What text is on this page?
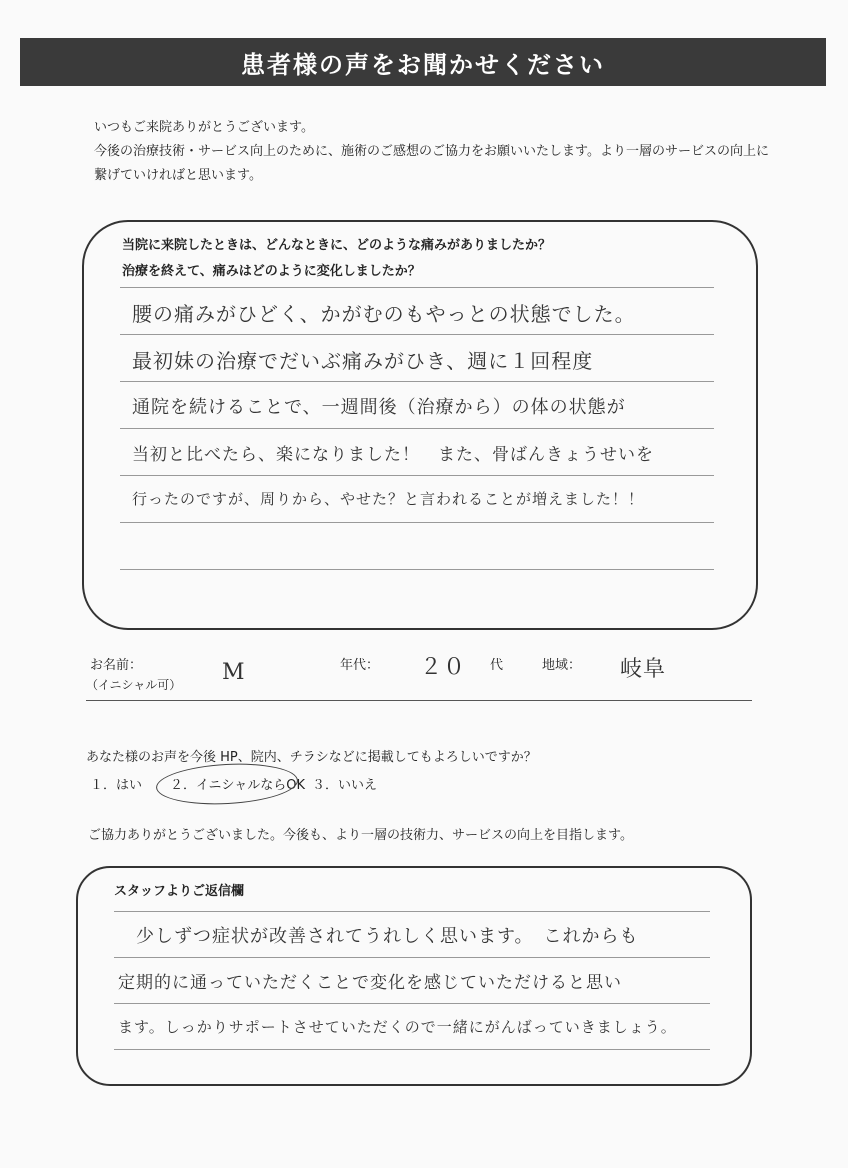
患者様の声をお聞かせください
いつもご来院ありがとうございます。
今後の治療技術・サービス向上のために、施術のご感想のご協力をお願いいたします。より一層のサービスの向上に
繋げていければと思います。
当院に来院したときは、どんなときに、どのような痛みがありましたか？
治療を終えて、痛みはどのように変化しましたか？
腰の痛みがひどく、かがむのもやっとの状態でした。
最初妹の治療でだいぶ痛みがひき、週に１回程度
通院を続けることで、一週間後（治療から）の体の状態が
当初と比べたら、楽になりました！　また、骨ばんきょうせいを
行ったのですが、周りから、やせた？と言われることが増えました！！
お名前：
（イニシャル可） M	年代： ２０ 代	地域： 岐阜
あなた様のお声を今後 HP、院内、チラシなどに掲載してもよろしいですか？
１．はい ２．イニシャルならOK ３．いいえ
ご協力ありがとうございました。今後も、より一層の技術力、サービスの向上を目指します。
スタッフよりご返信欄
少しずつ症状が改善されてうれしく思います。　これからも
定期的に通っていただくことで変化を感じていただけると思い
ます。しっかりサポートさせていただくので一緒にがんばっていきましょう。
